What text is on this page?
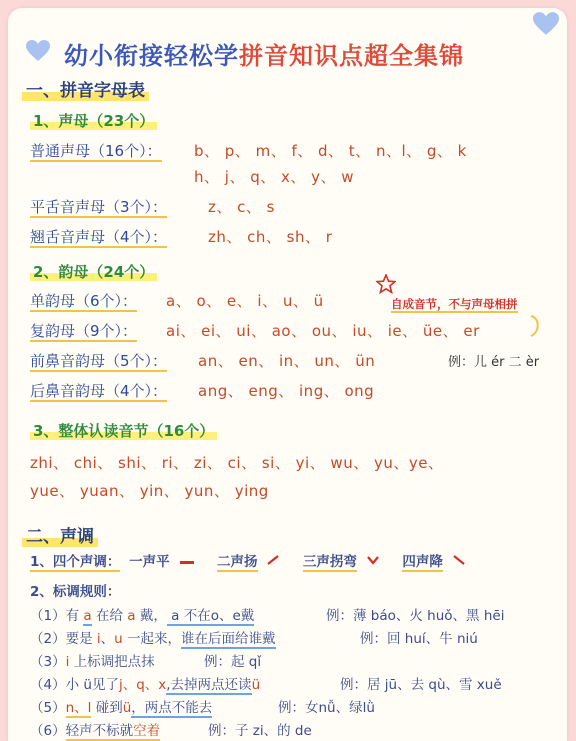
幼小衔接轻松学拼音知识点超全集锦
一、拼音字母表
1、声母（23个）
普通声母（16个）： b、 p、 m、 f、 d、 t、 n、l、 g、 k
h、 j、 q、 x、 y、 w
平舌音声母（3个）：	z、 c、 s
翘舌音声母（4个）：	zh、 ch、 sh、 r
2、韵母（24个）
自成音节，不与声母相拼
单韵母（6个）： a、 o、 e、 i、 u、 ü
复韵母（9个）： ai、 ei、 ui、 ao、 ou、 iu、 ie、 üe、 er
前鼻音韵母（5个）： an、 en、 in、 un、 ün	例：儿 ér 二 èr
后鼻音韵母（4个）： ang、 eng、 ing、 ong
3、整体认读音节（16个）
zhi、 chi、 shi、 ri、 zi、 ci、 si、 yi、 wu、 yu、ye、
yue、 yuan、 yin、 yun、 ying
二、声调
1、四个声调： 一声平	二声扬	三声拐弯	四声降
2、标调规则：
（1）有 a 在给 a 戴， a 不在o、e戴	例：薄 báo、火 huǒ、黑 hēi
（2）要是 i、u 一起来，谁在后面给谁戴	例：回 huí、牛 niú
（3）i 上标调把点抹	例：起 qǐ
（4）小 ü见了j、q、x,去掉两点还读ü	例：居 jū、去 qù、雪 xuě
（5）n、l 碰到ü，两点不能去	例：女nǚ、绿lǜ
（6）轻声不标就空着	例：子 zi、的 de
